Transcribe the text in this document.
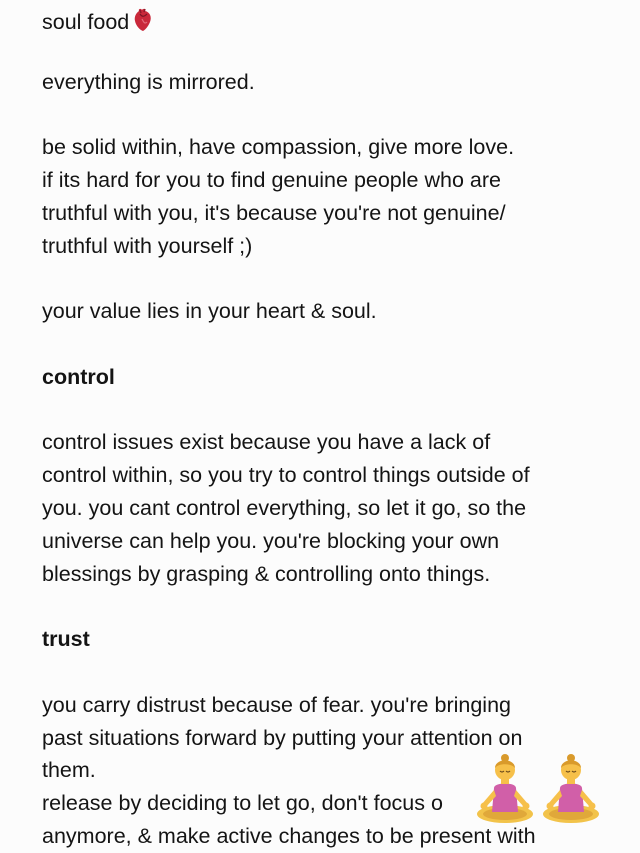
soul food
everything is mirrored.
be solid within, have compassion, give more love.
if its hard for you to find genuine people who are
truthful with you, it's because you're not genuine/
truthful with yourself ;)
your value lies in your heart & soul.
control
control issues exist because you have a lack of
control within, so you try to control things outside of
you. you cant control everything, so let it go, so the
universe can help you. you're blocking your own
blessings by grasping & controlling onto things.
trust
you carry distrust because of fear. you're bringing
past situations forward by putting your attention on
them.
release by deciding to let go, don't focus o
anymore, & make active changes to be present with
